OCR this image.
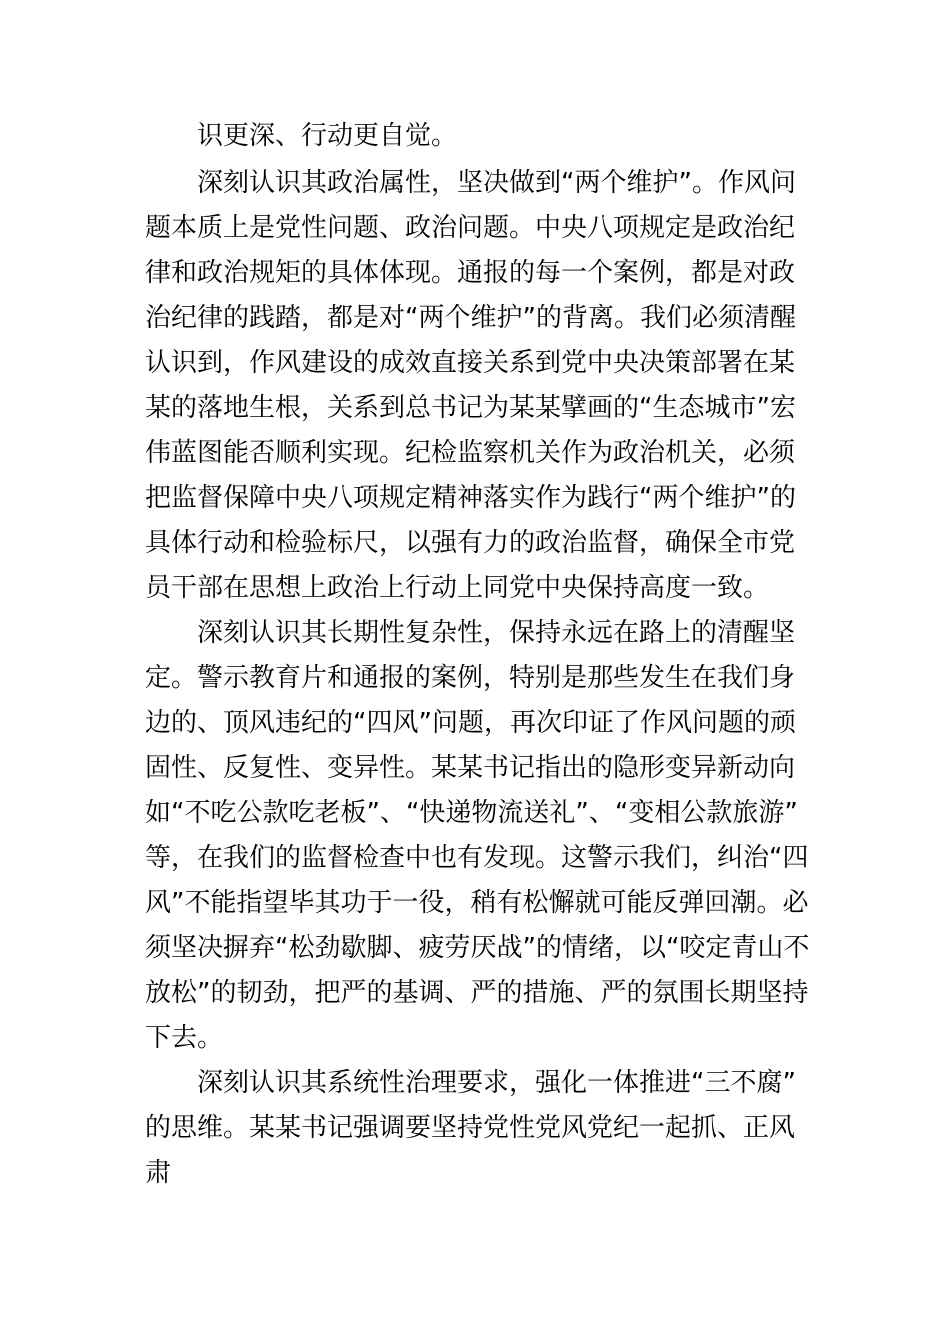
识更深、行动更自觉。
深刻认识其政治属性，坚决做到“两个维护”。作风问
题本质上是党性问题、政治问题。中央八项规定是政治纪
律和政治规矩的具体体现。通报的每一个案例，都是对政
治纪律的践踏，都是对“两个维护”的背离。我们必须清醒
认识到，作风建设的成效直接关系到党中央决策部署在某
某的落地生根，关系到总书记为某某擘画的“生态城市”宏
伟蓝图能否顺利实现。纪检监察机关作为政治机关，必须
把监督保障中央八项规定精神落实作为践行“两个维护”的
具体行动和检验标尺，以强有力的政治监督，确保全市党
员干部在思想上政治上行动上同党中央保持高度一致。
深刻认识其长期性复杂性，保持永远在路上的清醒坚
定。警示教育片和通报的案例，特别是那些发生在我们身
边的、顶风违纪的“四风”问题，再次印证了作风问题的顽
固性、反复性、变异性。某某书记指出的隐形变异新动向
如“不吃公款吃老板”、“快递物流送礼”、“变相公款旅游”
等，在我们的监督检查中也有发现。这警示我们，纠治“四
风”不能指望毕其功于一役，稍有松懈就可能反弹回潮。必
须坚决摒弃“松劲歇脚、疲劳厌战”的情绪，以“咬定青山不
放松”的韧劲，把严的基调、严的措施、严的氛围长期坚持
下去。
深刻认识其系统性治理要求，强化一体推进“三不腐”
的思维。某某书记强调要坚持党性党风党纪一起抓、正风
肃
